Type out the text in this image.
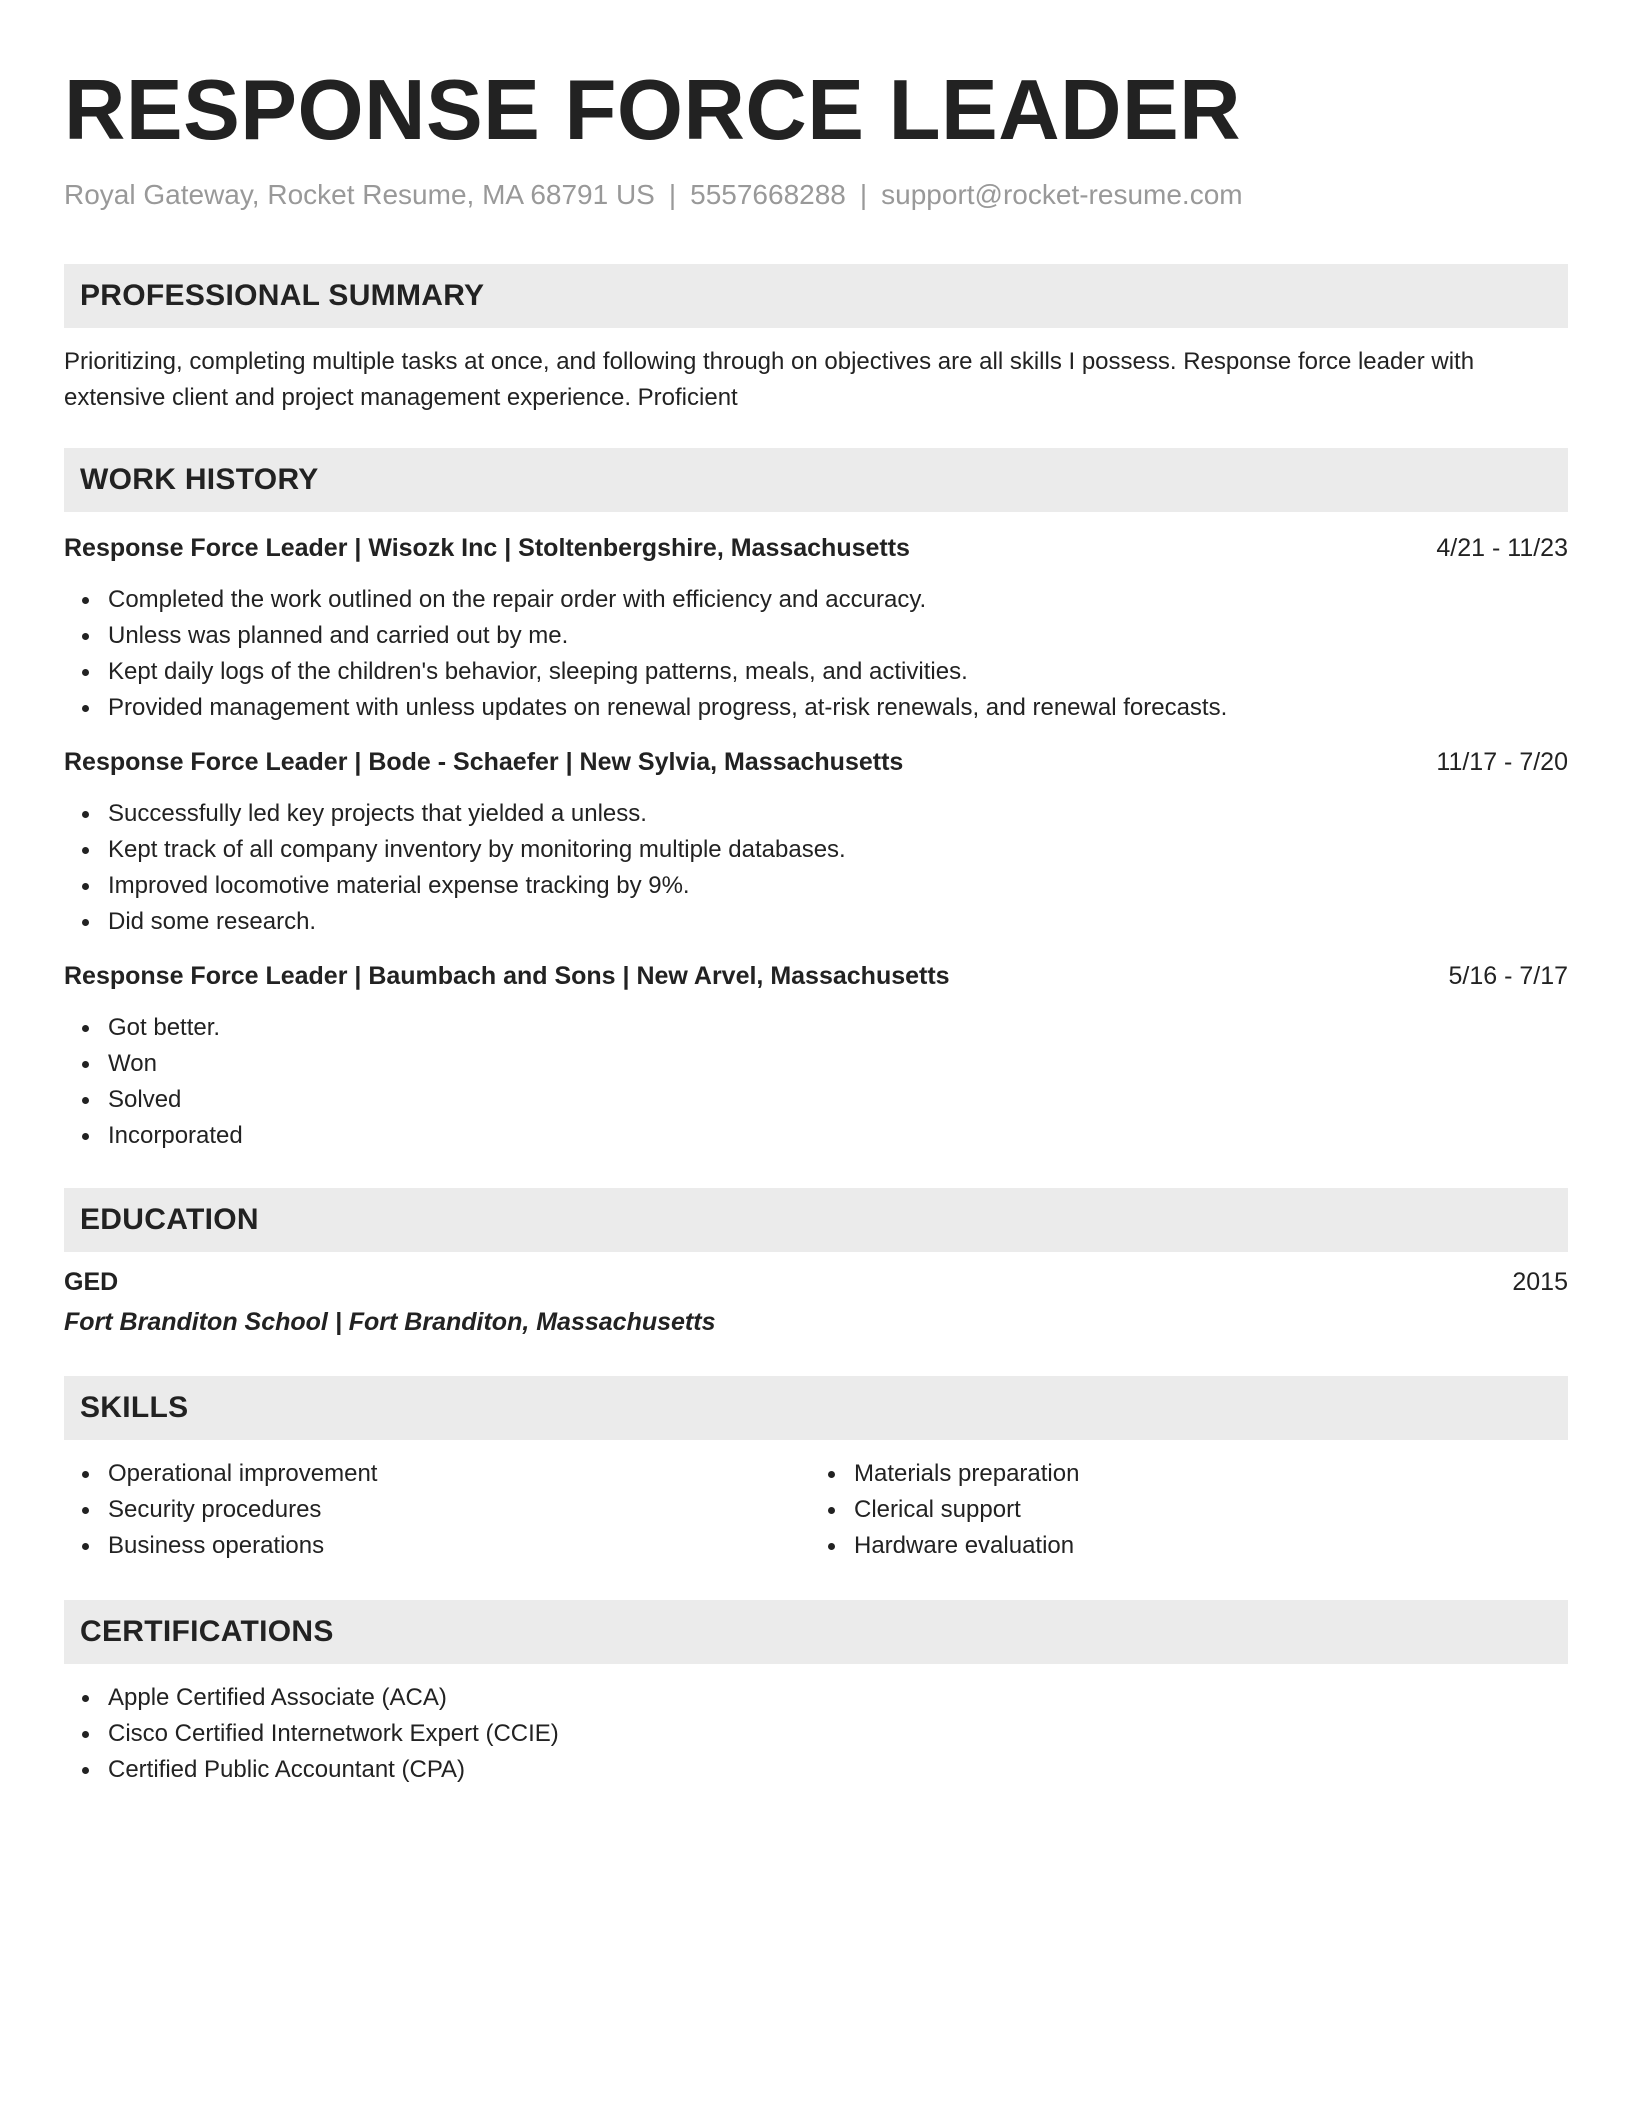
RESPONSE FORCE LEADER
Royal Gateway, Rocket Resume, MA 68791 US | 5557668288 | support@rocket-resume.com
PROFESSIONAL SUMMARY

Prioritizing, completing multiple tasks at once, and following through on objectives are all skills I possess. Response force leader with extensive client and project management experience. Proficient

WORK HISTORY
Response Force Leader | Wisozk Inc | Stoltenbergshire, Massachusetts	4/21 - 11/23
Completed the work outlined on the repair order with efficiency and accuracy.
Unless was planned and carried out by me.
Kept daily logs of the children's behavior, sleeping patterns, meals, and activities.
Provided management with unless updates on renewal progress, at-risk renewals, and renewal forecasts.
Response Force Leader | Bode - Schaefer | New Sylvia, Massachusetts	11/17 - 7/20
Successfully led key projects that yielded a unless.
Kept track of all company inventory by monitoring multiple databases.
Improved locomotive material expense tracking by 9%.
Did some research.
Response Force Leader | Baumbach and Sons | New Arvel, Massachusetts	5/16 - 7/17
Got better.
Won
Solved
Incorporated
EDUCATION
GED	2015
Fort Branditon School | Fort Branditon, Massachusetts
SKILLS
Operational improvement
Security procedures
Business operations
Materials preparation
Clerical support
Hardware evaluation
CERTIFICATIONS
Apple Certified Associate (ACA)
Cisco Certified Internetwork Expert (CCIE)
Certified Public Accountant (CPA)
